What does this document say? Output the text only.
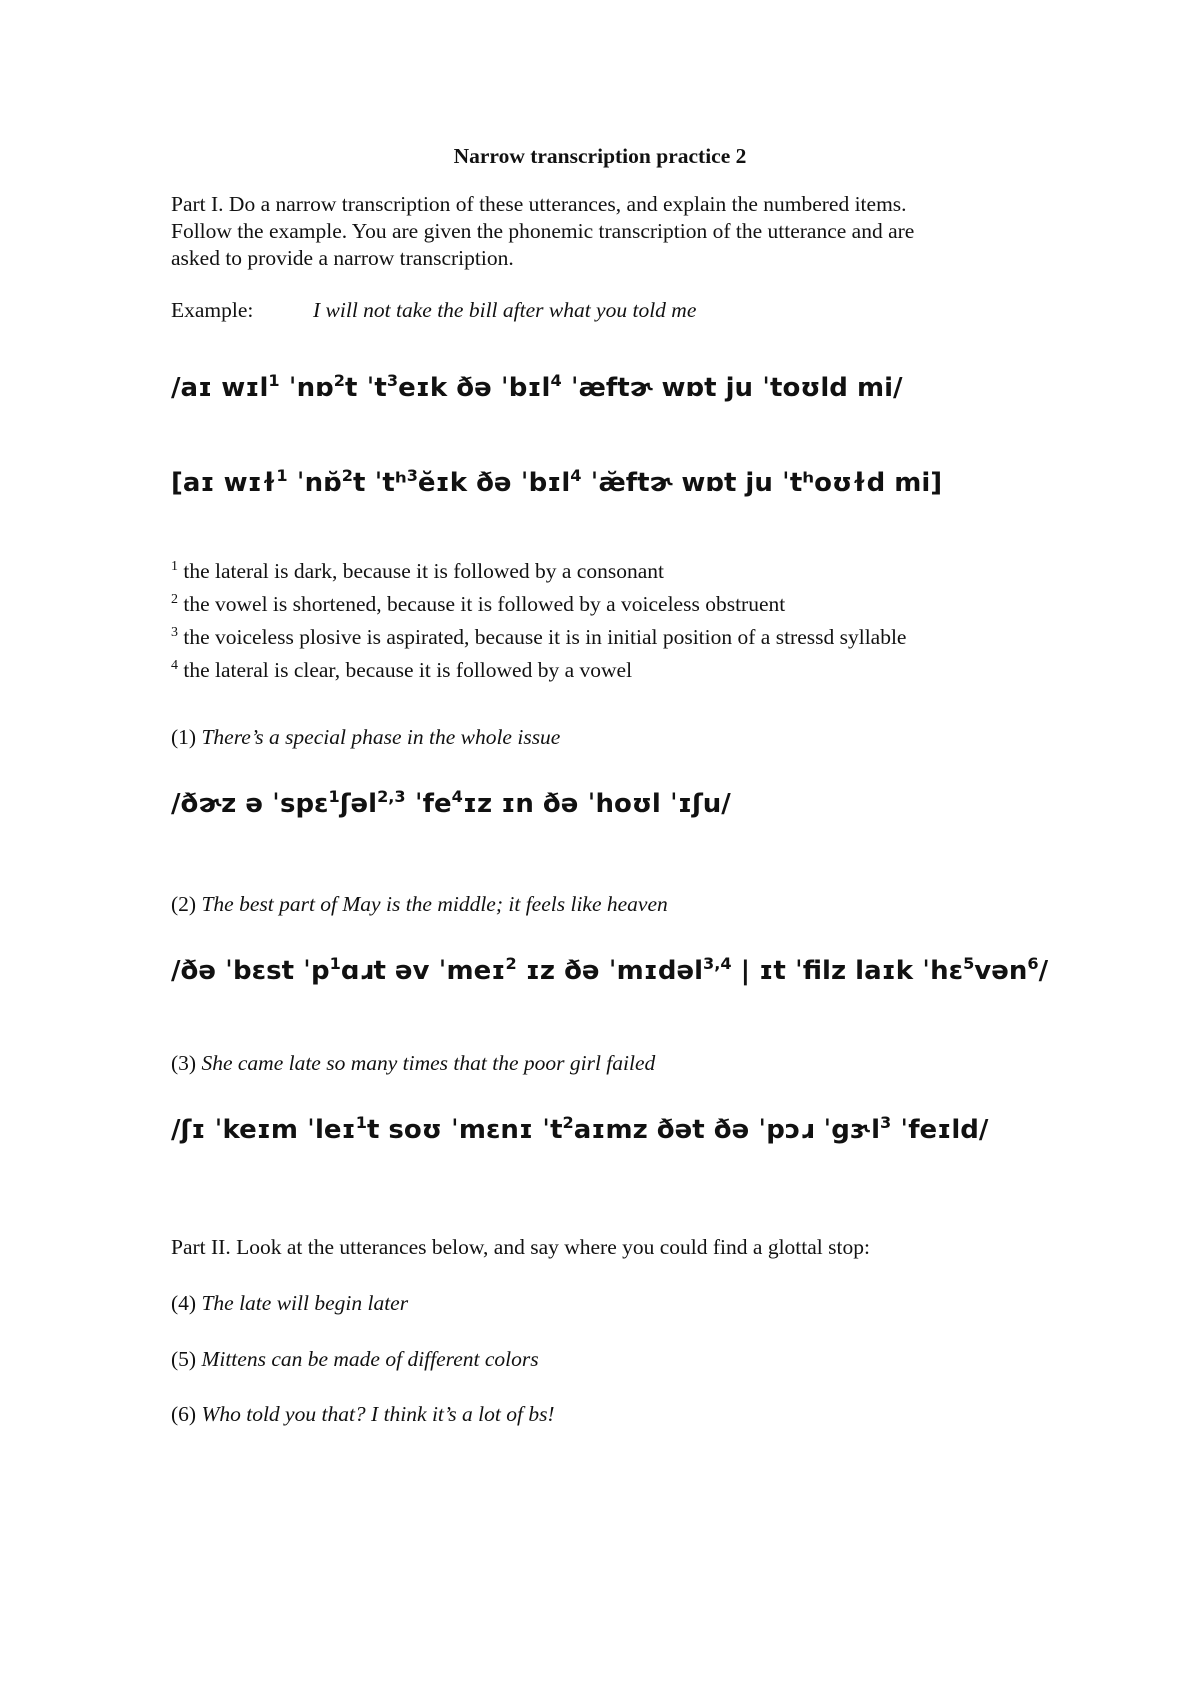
Narrow transcription practice 2
Part I. Do a narrow transcription of these utterances, and explain the numbered items.
Follow the example. You are given the phonemic transcription of the utterance and are
asked to provide a narrow transcription.
Example:	I will not take the bill after what you told me
/aɪ wɪl$^1$ ˈnɒ$^2$t ˈt$^3$eɪk ðə ˈbɪl$^4$ ˈæftɚ wɒt ju ˈtoʊld mi/
[aɪ wɪɫ$^1$ ˈnɒ̆$^2$t ˈtʰ$^3$ĕɪk ðə ˈbɪl$^4$ ˈæ̆ftɚ wɒt ju ˈtʰoʊɫd mi]
$^1$ the lateral is dark, because it is followed by a consonant
$^2$ the vowel is shortened, because it is followed by a voiceless obstruent
$^3$ the voiceless plosive is aspirated, because it is in initial position of a stressd syllable
$^4$ the lateral is clear, because it is followed by a vowel
(1) There’s a special phase in the whole issue
/ðɚz ə ˈspɛ$^1$ʃəl$^{2,3}$ ˈfe$^4$ɪz ɪn ðə ˈhoʊl ˈɪʃu/
(2) The best part of May is the middle; it feels like heaven
/ðə ˈbɛst ˈp$^1$ɑɹt əv ˈmeɪ$^2$ ɪz ðə ˈmɪdəl$^{3,4}$ | ɪt ˈfilz laɪk ˈhɛ$^5$vən$^6$/
(3) She came late so many times that the poor girl failed
/ʃɪ ˈkeɪm ˈleɪ$^1$t soʊ ˈmɛnɪ ˈt$^2$aɪmz ðət ðə ˈpɔɹ ˈgɝl$^3$ ˈfeɪld/
Part II. Look at the utterances below, and say where you could find a glottal stop:
(4) The late will begin later
(5) Mittens can be made of different colors
(6) Who told you that? I think it’s a lot of bs!
